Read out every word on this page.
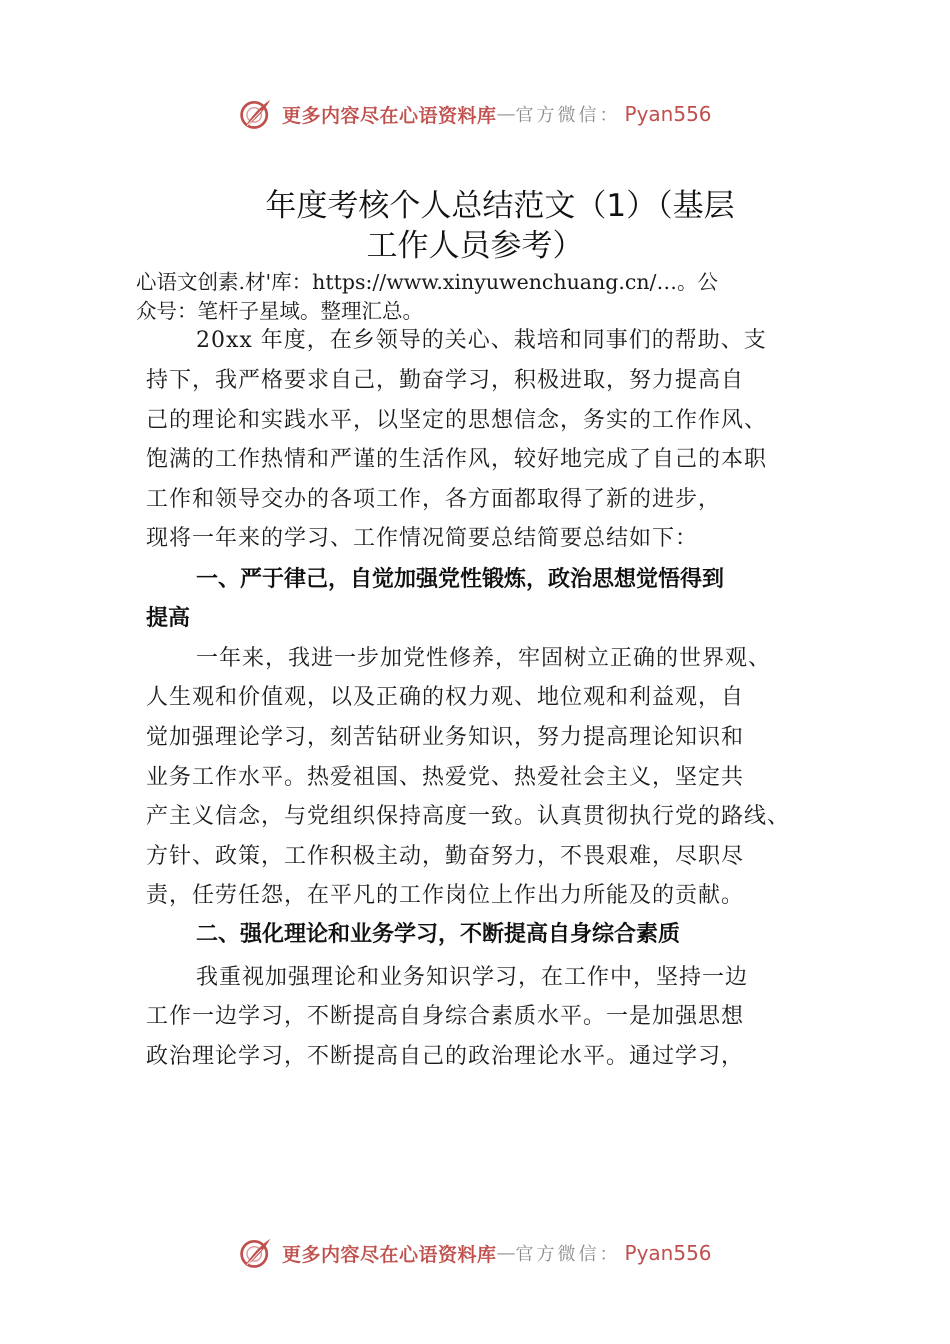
更多内容尽在心语资料库 — 官方微信： Pyan556
年度考核个人总结范文（1）（基层
工作人员参考）

心语文创素.材'库：https://www.xinyuwenchuang.cn/…。公

众号：笔杆子星域。整理汇总。

20xx 年度，在乡领导的关心、栽培和同事们的帮助、支

持下，我严格要求自己，勤奋学习，积极进取，努力提高自

己的理论和实践水平，以坚定的思想信念，务实的工作作风、

饱满的工作热情和严谨的生活作风，较好地完成了自己的本职

工作和领导交办的各项工作，各方面都取得了新的进步，

现将一年来的学习、工作情况简要总结简要总结如下：

一、严于律己，自觉加强党性锻炼，政治思想觉悟得到

提高

一年来，我进一步加党性修养，牢固树立正确的世界观、

人生观和价值观，以及正确的权力观、地位观和利益观，自

觉加强理论学习，刻苦钻研业务知识，努力提高理论知识和

业务工作水平。热爱祖国、热爱党、热爱社会主义，坚定共

产主义信念，与党组织保持高度一致。认真贯彻执行党的路线、

方针、政策，工作积极主动，勤奋努力，不畏艰难，尽职尽

责，任劳任怨，在平凡的工作岗位上作出力所能及的贡献。

二、强化理论和业务学习，不断提高自身综合素质

我重视加强理论和业务知识学习，在工作中，坚持一边

工作一边学习，不断提高自身综合素质水平。一是加强思想

政治理论学习，不断提高自己的政治理论水平。通过学习，

更多内容尽在心语资料库 — 官方微信： Pyan556
